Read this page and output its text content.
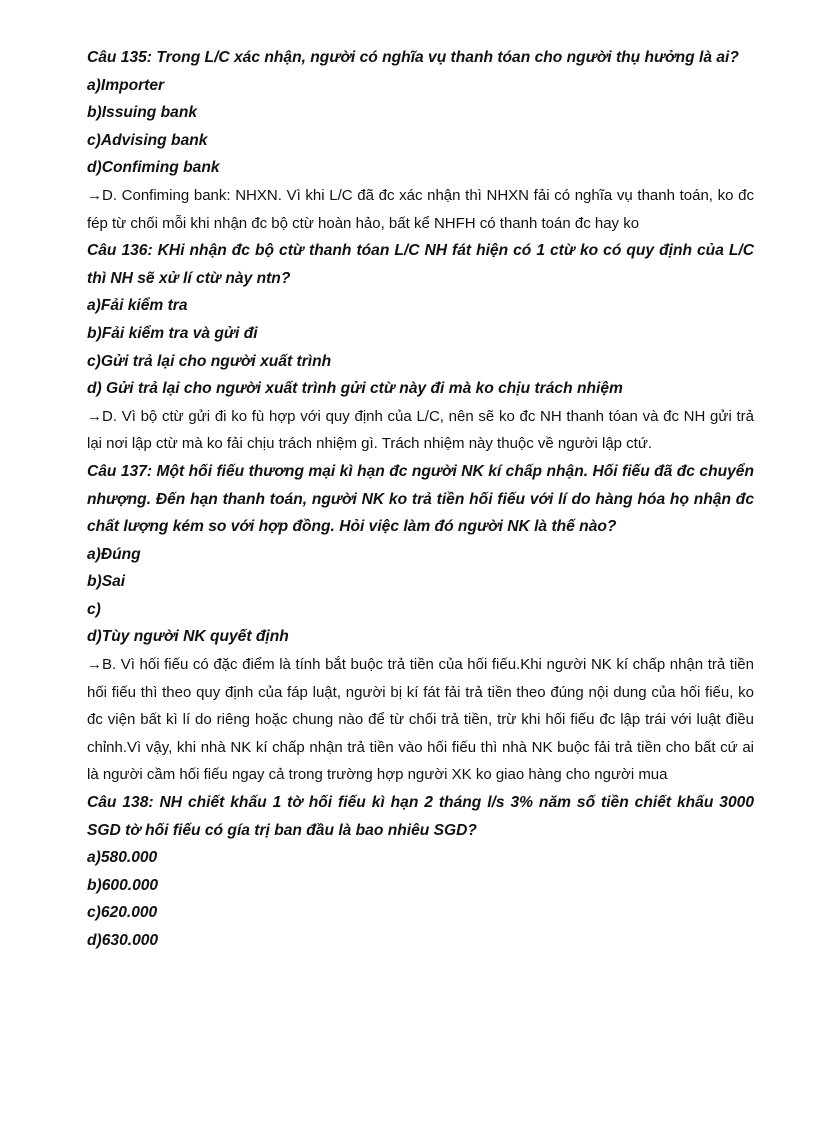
Câu 135: Trong L/C xác nhận, người có nghĩa vụ thanh tóan cho người thụ hưởng là ai?
a)Importer
b)Issuing bank
c)Advising bank
d)Confiming bank
→D. Confiming bank: NHXN. Vì khi L/C đã đc xác nhận thì NHXN fải có nghĩa vụ thanh toán, ko đc fép từ chối mỗi khi nhận đc bộ ctừ hoàn hảo, bất kể NHFH có thanh toán đc hay ko
Câu 136: KHi nhận đc bộ ctừ thanh tóan L/C NH fát hiện có 1 ctừ ko có quy định của L/C thì NH sẽ xử lí ctừ này ntn?
a)Fải kiểm tra
b)Fải kiểm tra và gửi đi
c)Gửi trả lại cho người xuất trình
d) Gửi trả lại cho người xuất trình gửi ctừ này đi mà ko chịu trách nhiệm
→D. Vì bộ ctừ gửi đi ko fù hợp với quy định của L/C, nên sẽ ko đc NH thanh tóan và đc NH gửi trả lại nơi lập ctừ mà ko fải chịu trách nhiệm gì. Trách nhiệm này thuộc về người lập ctứ.
Câu 137: Một hối fiếu thương mại kì hạn đc người NK kí chấp nhận. Hối fiếu đã đc chuyển nhượng. Đến hạn thanh toán, người NK ko trả tiền hối fiếu với lí do hàng hóa họ nhận đc chất lượng kém so với hợp đồng. Hỏi việc làm đó người NK là thế nào?
a)Đúng
b)Sai
c)
d)Tùy người NK quyết định
→B. Vì hối fiếu có đặc điểm là tính bắt buộc trả tiền của hối fiếu.Khi người NK kí chấp nhận trả tiền hối fiếu thì theo quy định của fáp luật, người bị kí fát fải trả tiền theo đúng nội dung của hối fiếu, ko đc viện bất kì lí do riêng hoặc chung nào để từ chối trả tiền, trừ khi hối fiếu đc lập trái với luật điều chỉnh.Vì vậy, khi nhà NK kí chấp nhận trả tiền vào hối fiếu thì nhà NK buộc fải trả tiền cho bất cứ ai là người cầm hối fiếu ngay cả trong trường hợp người XK ko giao hàng cho người mua
Câu 138: NH chiết khấu 1 tờ hối fiếu kì hạn 2 tháng l/s 3% năm số tiền chiết khấu 3000 SGD tờ hối fiếu có gía trị ban đầu là bao nhiêu SGD?
a)580.000
b)600.000
c)620.000
d)630.000
